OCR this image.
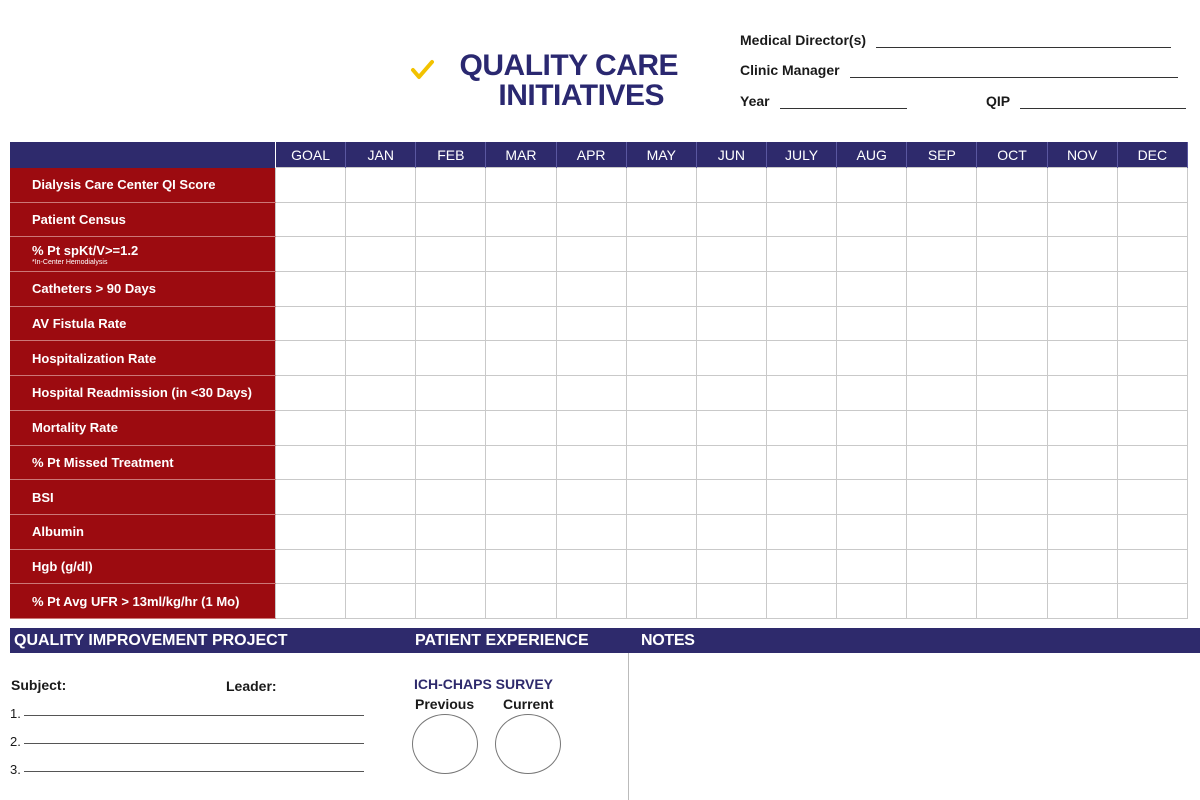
QUALITY CARE
INITIATIVES
Medical Director(s)
Clinic Manager
Year	QIP
	GOAL	JAN	FEB	MAR	APR	MAY	JUN	JULY	AUG	SEP	OCT	NOV	DEC
Dialysis Care Center QI Score													
Patient Census													
% Pt spKt/V>=1.2
*In-Center Hemodialysis													

Catheters > 90 Days													
AV Fistula Rate													
Hospitalization Rate													
Hospital Readmission (in <30 Days)													
Mortality Rate													
% Pt Missed Treatment													
BSI													
Albumin													
Hgb (g/dl)													
% Pt Avg UFR > 13ml/kg/hr (1 Mo)													
QUALITY IMPROVEMENT PROJECT	PATIENT EXPERIENCE	NOTES
Subject:	Leader:
1.
2.
3.
ICH-CHAPS SURVEY
Previous Current
